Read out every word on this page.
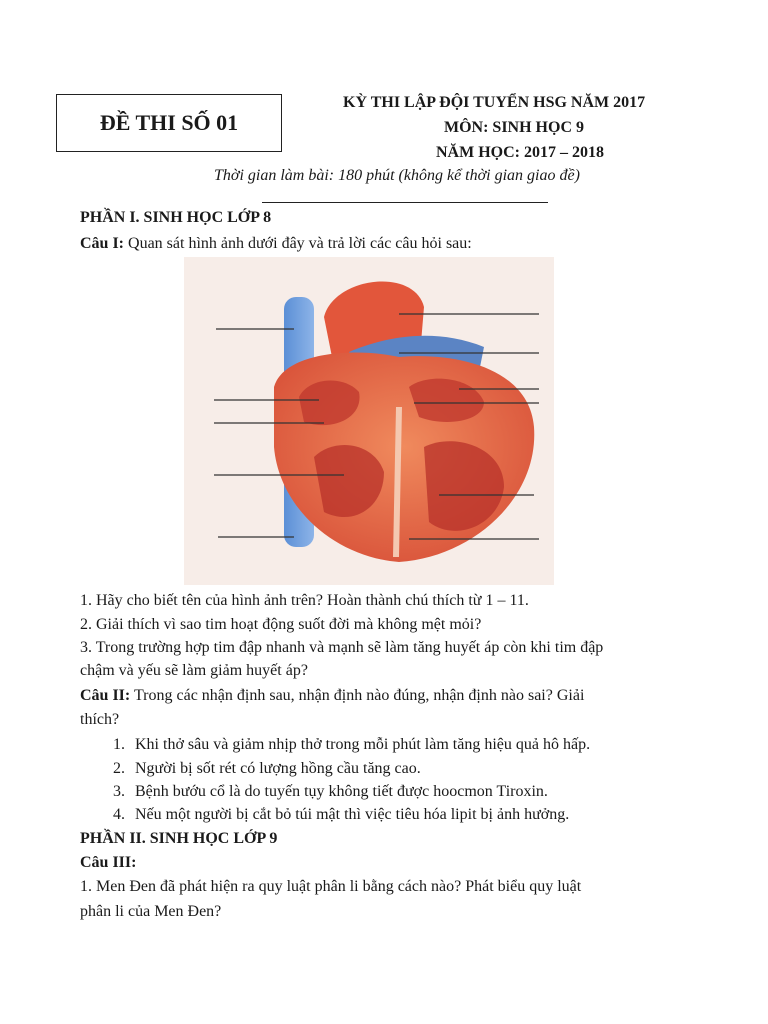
ĐỀ THI SỐ 01
KỲ THI LẬP ĐỘI TUYỂN HSG NĂM 2017
MÔN: SINH HỌC 9
NĂM HỌC: 2017 – 2018
Thời gian làm bài: 180 phút (không kể thời gian giao đề)
PHẦN I. SINH HỌC LỚP 8
Câu I: Quan sát hình ảnh dưới đây và trả lời các câu hỏi sau:
1. Hãy cho biết tên của hình ảnh trên? Hoàn thành chú thích từ 1 – 11.
2. Giải thích vì sao tim hoạt động suốt đời mà không mệt mỏi?
3. Trong trường hợp tim đập nhanh và mạnh sẽ làm tăng huyết áp còn khi tim đập
chậm và yếu sẽ làm giảm huyết áp?
Câu II: Trong các nhận định sau, nhận định nào đúng, nhận định nào sai? Giải
thích?
1. Khi thở sâu và giảm nhịp thở trong mỗi phút làm tăng hiệu quả hô hấp.
2. Người bị sốt rét có lượng hồng cầu tăng cao.
3. Bệnh bướu cổ là do tuyến tụy không tiết được hoocmon Tiroxin.
4. Nếu một người bị cắt bỏ túi mật thì việc tiêu hóa lipit bị ảnh hưởng.
PHẦN II. SINH HỌC LỚP 9
Câu III:
1. Men Đen đã phát hiện ra quy luật phân li bằng cách nào? Phát biểu quy luật
phân li của Men Đen?
